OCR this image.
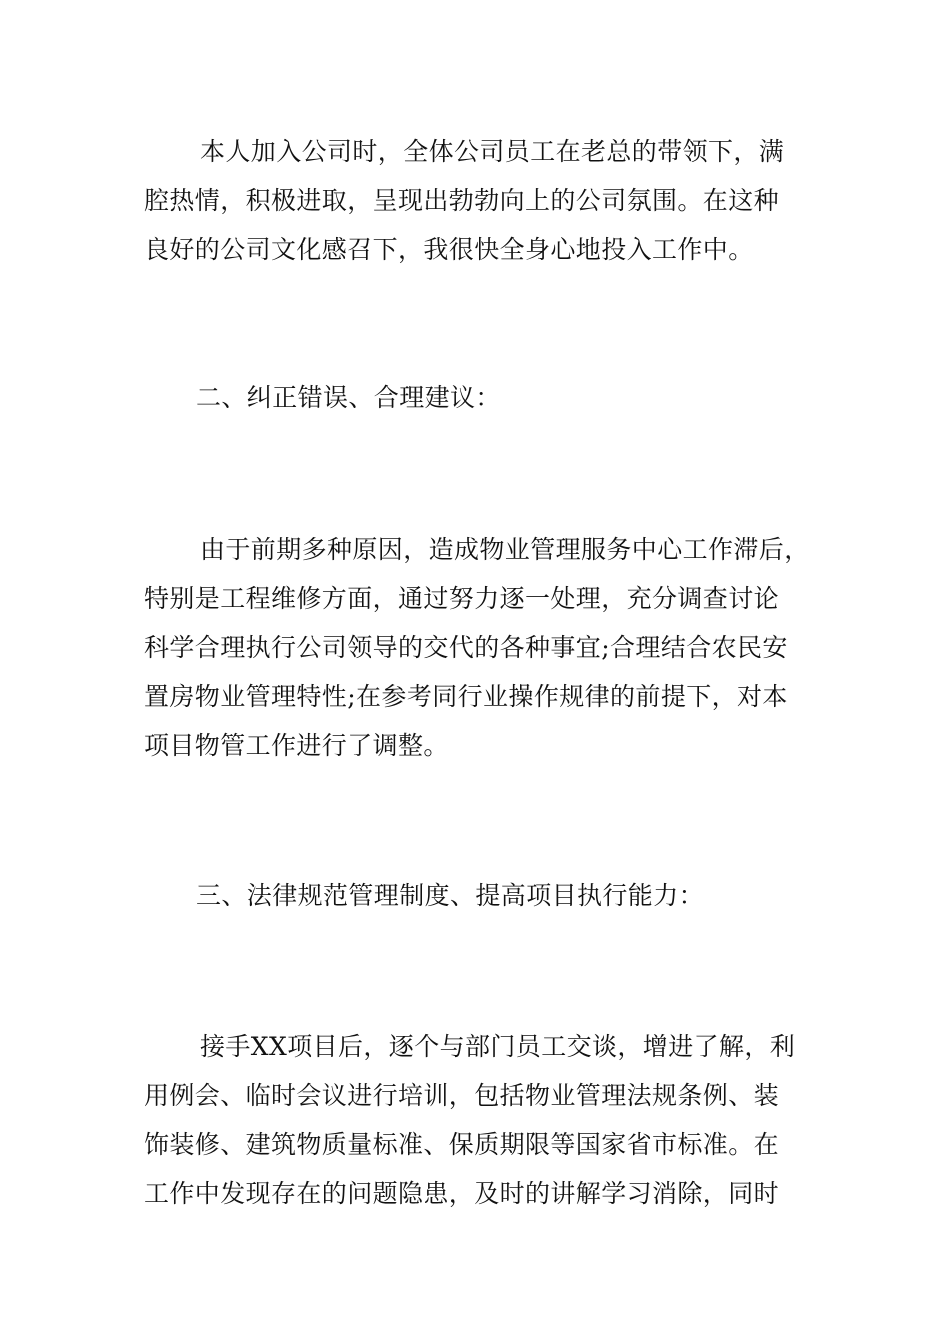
本人加入公司时，全体公司员工在老总的带领下，满
腔热情，积极进取，呈现出勃勃向上的公司氛围。在这种
良好的公司文化感召下，我很快全身心地投入工作中。
二、纠正错误、合理建议：
由于前期多种原因，造成物业管理服务中心工作滞后，
特别是工程维修方面，通过努力逐一处理，充分调查讨论
科学合理执行公司领导的交代的各种事宜;合理结合农民安
置房物业管理特性;在参考同行业操作规律的前提下，对本
项目物管工作进行了调整。
三、法律规范管理制度、提高项目执行能力：
接手XX项目后，逐个与部门员工交谈，增进了解，利
用例会、临时会议进行培训，包括物业管理法规条例、装
饰装修、建筑物质量标准、保质期限等国家省市标准。在
工作中发现存在的问题隐患，及时的讲解学习消除，同时
